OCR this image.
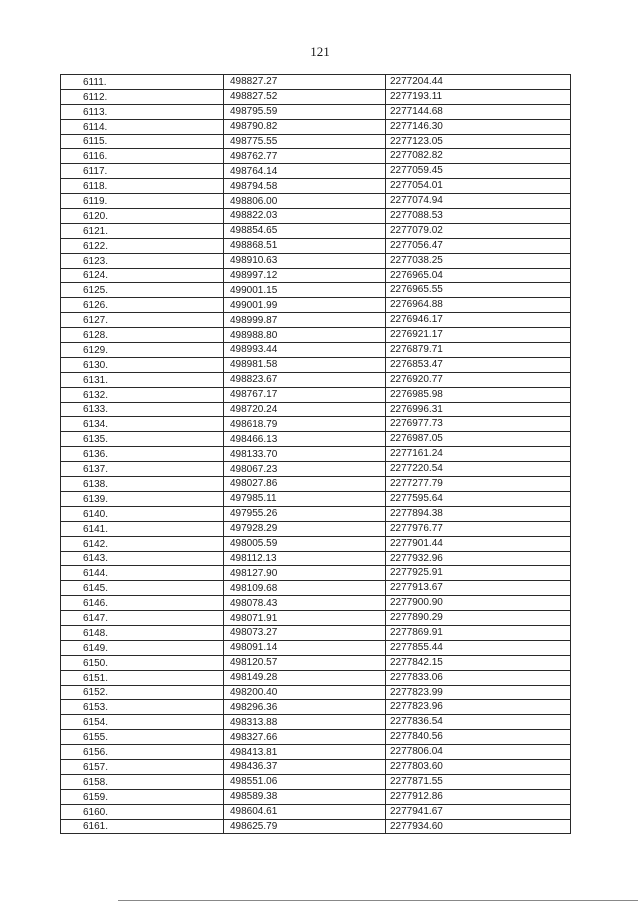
121
6111.	498827.27	2277204.44
6112.	498827.52	2277193.11
6113.	498795.59	2277144.68
6114.	498790.82	2277146.30
6115.	498775.55	2277123.05
6116.	498762.77	2277082.82
6117.	498764.14	2277059.45
6118.	498794.58	2277054.01
6119.	498806.00	2277074.94
6120.	498822.03	2277088.53
6121.	498854.65	2277079.02
6122.	498868.51	2277056.47
6123.	498910.63	2277038.25
6124.	498997.12	2276965.04
6125.	499001.15	2276965.55
6126.	499001.99	2276964.88
6127.	498999.87	2276946.17
6128.	498988.80	2276921.17
6129.	498993.44	2276879.71
6130.	498981.58	2276853.47
6131.	498823.67	2276920.77
6132.	498767.17	2276985.98
6133.	498720.24	2276996.31
6134.	498618.79	2276977.73
6135.	498466.13	2276987.05
6136.	498133.70	2277161.24
6137.	498067.23	2277220.54
6138.	498027.86	2277277.79
6139.	497985.11	2277595.64
6140.	497955.26	2277894.38
6141.	497928.29	2277976.77
6142.	498005.59	2277901.44
6143.	498112.13	2277932.96
6144.	498127.90	2277925.91
6145.	498109.68	2277913.67
6146.	498078.43	2277900.90
6147.	498071.91	2277890.29
6148.	498073.27	2277869.91
6149.	498091.14	2277855.44
6150.	498120.57	2277842.15
6151.	498149.28	2277833.06
6152.	498200.40	2277823.99
6153.	498296.36	2277823.96
6154.	498313.88	2277836.54
6155.	498327.66	2277840.56
6156.	498413.81	2277806.04
6157.	498436.37	2277803.60
6158.	498551.06	2277871.55
6159.	498589.38	2277912.86
6160.	498604.61	2277941.67
6161.	498625.79	2277934.60
